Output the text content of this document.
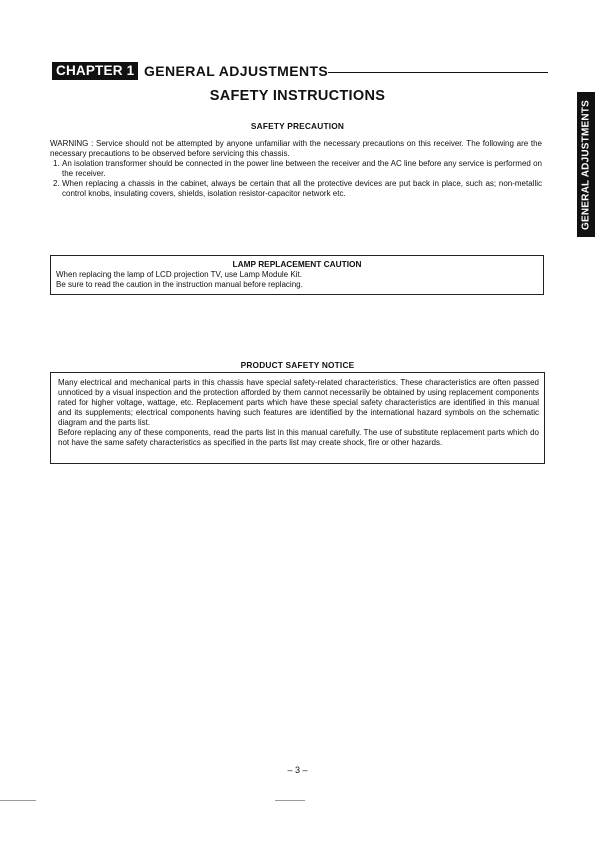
CHAPTER 1 GENERAL ADJUSTMENTS
SAFETY INSTRUCTIONS
GENERAL ADJUSTMENTS
SAFETY PRECAUTION
WARNING : Service should not be attempted by anyone unfamiliar with the necessary precautions on this receiver. The following are the necessary precautions to be observed before servicing this chassis.
1. An isolation transformer should be connected in the power line between the receiver and the AC line before any service is performed on the receiver.
2. When replacing a chassis in the cabinet, always be certain that all the protective devices are put back in place, such as; non-metallic control knobs, insulating covers, shields, isolation resistor-capacitor network etc.
LAMP REPLACEMENT CAUTION
When replacing the lamp of LCD projection TV, use Lamp Module Kit.
Be sure to read the caution in the instruction manual before replacing.
PRODUCT SAFETY NOTICE
Many electrical and mechanical parts in this chassis have special safety-related characteristics. These characteristics are often passed unnoticed by a visual inspection and the protection afforded by them cannot necessarily be obtained by using replacement components rated for higher voltage, wattage, etc. Replacement parts which have these special safety characteristics are identified in this manual and its supplements; electrical components having such features are identified by the international hazard symbols on the schematic diagram and the parts list.
Before replacing any of these components, read the parts list in this manual carefully. The use of substitute replacement parts which do not have the same safety characteristics as specified in the parts list may create shock, fire or other hazards.
– 3 –
